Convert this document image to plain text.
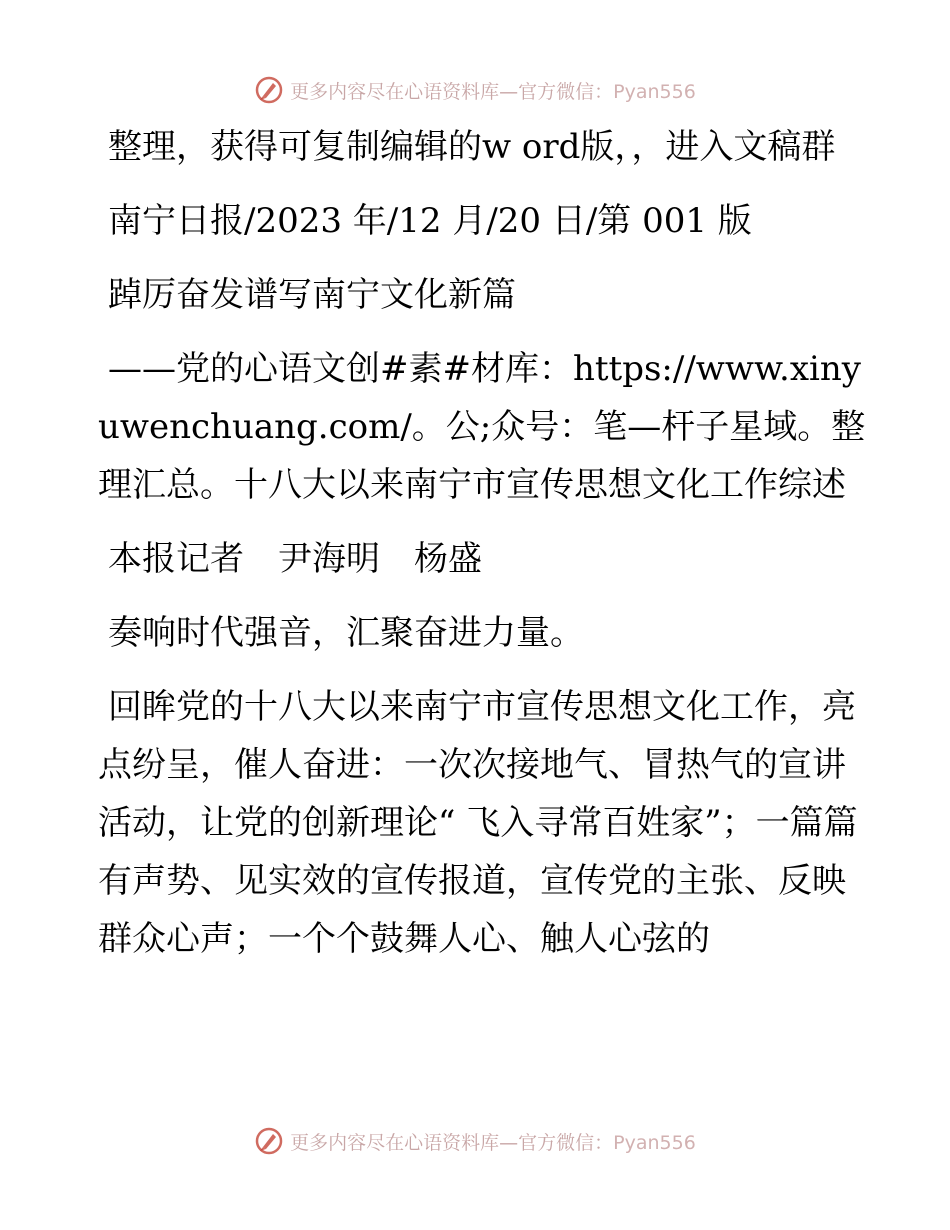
更多内容尽在心语资料库—官方微信：Pyan556

整理，获得可复制编辑的w ord版，，进入文稿群

南宁日报/2023 年/12 月/20 日/第 001 版

踔厉奋发谱写南宁文化新篇

——党的心语文创#素#材库：https://www.xinyuwenchuang.com/。公;众号：笔—杆子星域。整理汇总。十八大以来南宁市宣传思想文化工作综述

本报记者　尹海明　杨盛

奏响时代强音，汇聚奋进力量。

回眸党的十八大以来南宁市宣传思想文化工作，亮点纷呈，催人奋进：一次次接地气、冒热气的宣讲活动，让党的创新理论“ 飞入寻常百姓家”；一篇篇有声势、见实效的宣传报道，宣传党的主张、反映群众心声；一个个鼓舞人心、触人心弦的

更多内容尽在心语资料库—官方微信：Pyan556
